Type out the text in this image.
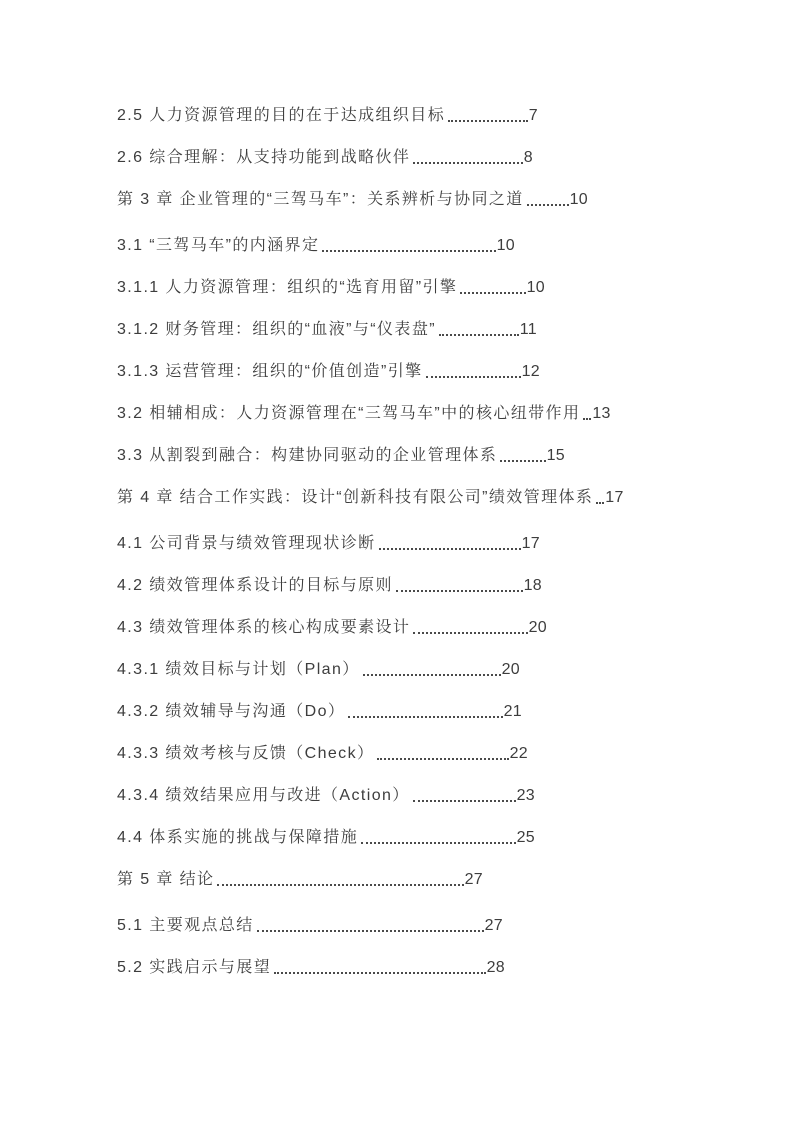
2.5 人力资源管理的目的在于达成组织目标	7
2.6 综合理解：从支持功能到战略伙伴	8
第 3 章 企业管理的“三驾马车”：关系辨析与协同之道	10
3.1 “三驾马车”的内涵界定	10
3.1.1 人力资源管理：组织的“选育用留”引擎	10
3.1.2 财务管理：组织的“血液”与“仪表盘”	11
3.1.3 运营管理：组织的“价值创造”引擎	12
3.2 相辅相成：人力资源管理在“三驾马车”中的核心纽带作用 13
3.3 从割裂到融合：构建协同驱动的企业管理体系	15
第 4 章 结合工作实践：设计“创新科技有限公司”绩效管理体系 17
4.1 公司背景与绩效管理现状诊断	17
4.2 绩效管理体系设计的目标与原则	18
4.3 绩效管理体系的核心构成要素设计	20
4.3.1 绩效目标与计划（Plan）	20
4.3.2 绩效辅导与沟通（Do）	21
4.3.3 绩效考核与反馈（Check）	22
4.3.4 绩效结果应用与改进（Action）	23
4.4 体系实施的挑战与保障措施	25
第 5 章 结论	27
5.1 主要观点总结	27
5.2 实践启示与展望	28
